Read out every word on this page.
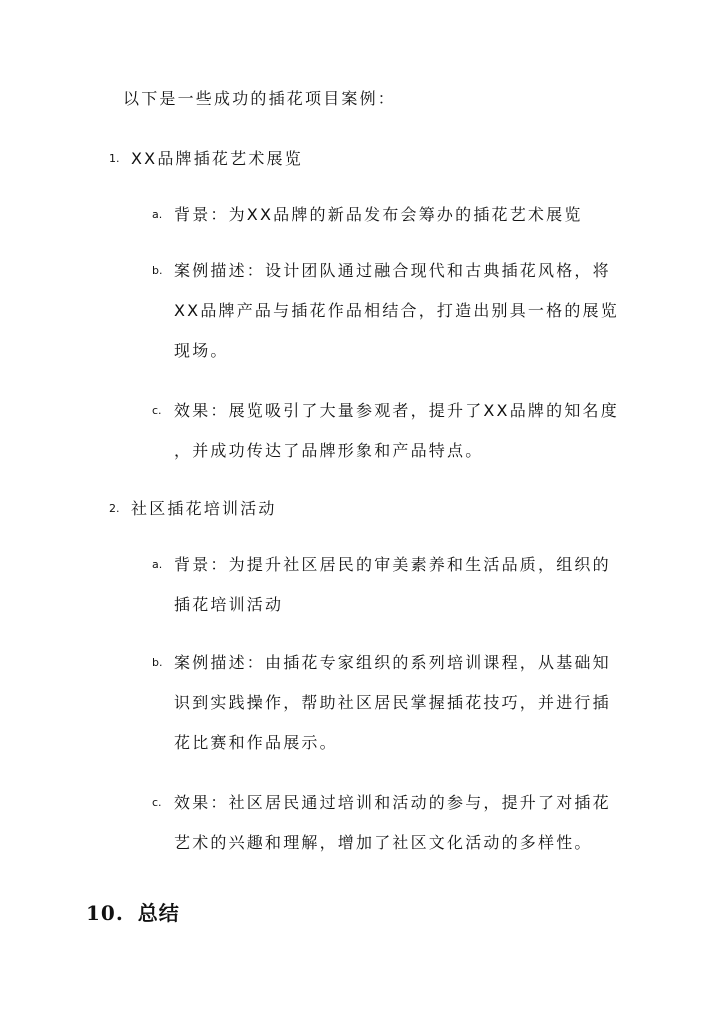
以下是一些成功的插花项目案例：
1. XX品牌插花艺术展览
a. 背景：为XX品牌的新品发布会筹办的插花艺术展览
b. 案例描述：设计团队通过融合现代和古典插花风格，将
XX品牌产品与插花作品相结合，打造出别具一格的展览
现场。
c. 效果：展览吸引了大量参观者，提升了XX品牌的知名度
，并成功传达了品牌形象和产品特点。
2. 社区插花培训活动
a. 背景：为提升社区居民的审美素养和生活品质，组织的
插花培训活动
b. 案例描述：由插花专家组织的系列培训课程，从基础知
识到实践操作，帮助社区居民掌握插花技巧，并进行插
花比赛和作品展示。
c. 效果：社区居民通过培训和活动的参与，提升了对插花
艺术的兴趣和理解，增加了社区文化活动的多样性。
10. 总结
